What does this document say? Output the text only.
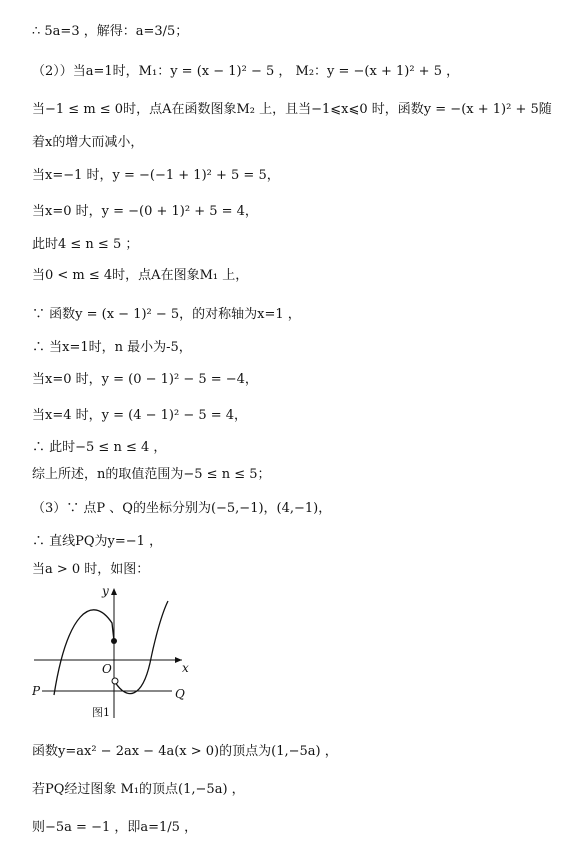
∴ 5a=3 ，解得：a=3/5；
（2））当a=1时，M₁：y = (x − 1)² − 5 ， M₂：y = −(x + 1)² + 5 ，
当−1 ≤ m ≤ 0时，点A在函数图象M₂ 上，且当−1⩽x⩽0 时，函数y = −(x + 1)² + 5随
着x的增大而减小，
当x=−1 时，y = −(−1 + 1)² + 5 = 5，
当x=0 时，y = −(0 + 1)² + 5 = 4，
此时4 ≤ n ≤ 5 ；
当0 < m ≤ 4时，点A在图象M₁ 上，
∵ 函数y = (x − 1)² − 5，的对称轴为x=1 ，
∴ 当x=1时，n 最小为-5，
当x=0 时，y = (0 − 1)² − 5 = −4，
当x=4 时，y = (4 − 1)² − 5 = 4，
∴ 此时−5 ≤ n ≤ 4 ，
综上所述，n的取值范围为−5 ≤ n ≤ 5；
（3）∵ 点P 、Q的坐标分别为(−5,−1)，(4,−1)，
∴ 直线PQ为y=−1 ，
当a > 0 时，如图：
y
x
O
P	Q
图1
函数y=ax² − 2ax − 4a(x > 0)的顶点为(1,−5a) ，
若PQ经过图象 M₁的顶点(1,−5a) ，
则−5a = −1 ，即a=1/5 ，
